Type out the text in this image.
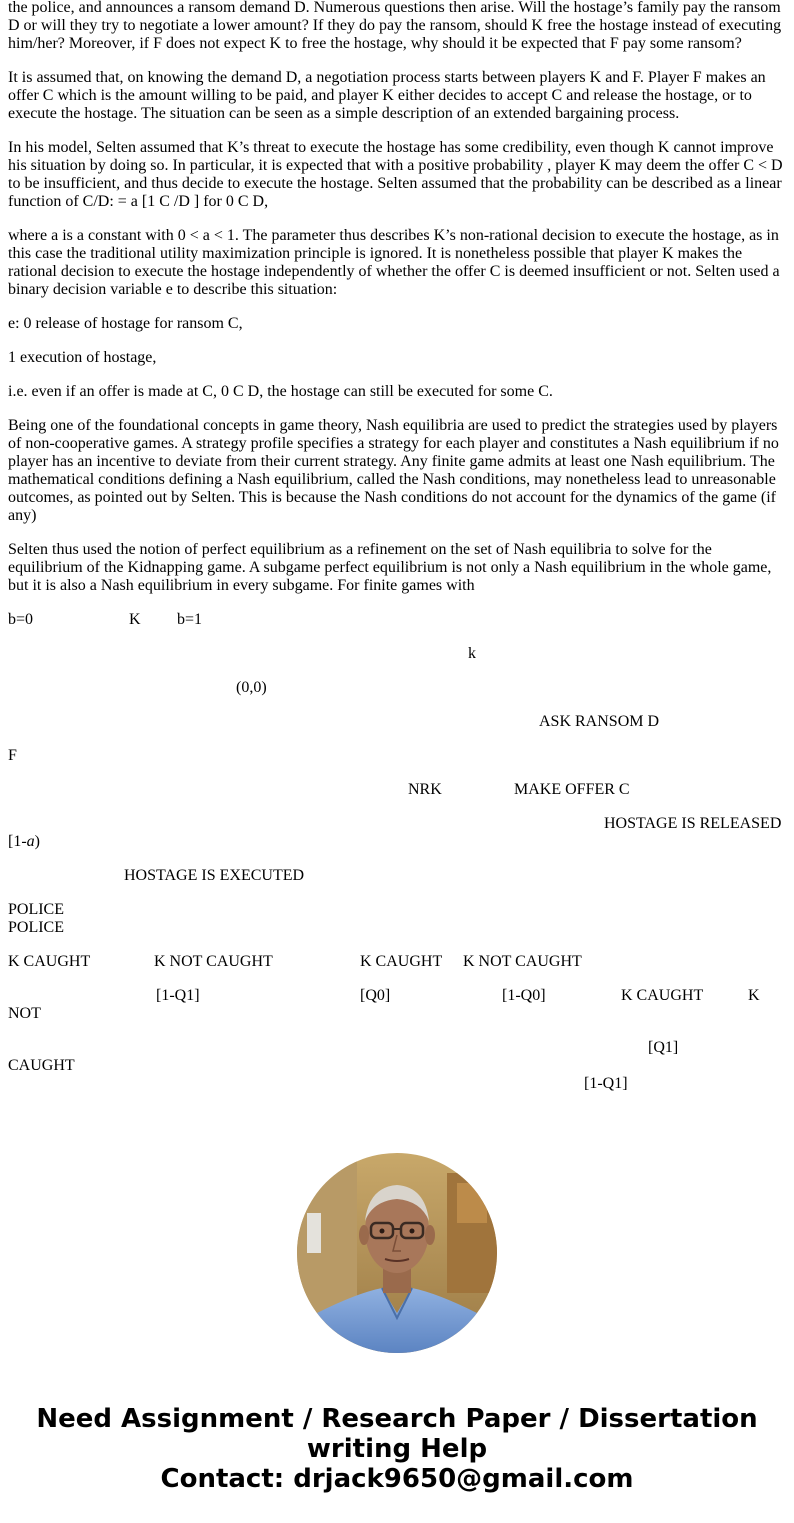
the police, and announces a ransom demand D. Numerous questions then arise. Will the hostage’s family pay the ransom D or will they try to negotiate a lower amount? If they do pay the ransom, should K free the hostage instead of executing him/her? Moreover, if F does not expect K to free the hostage, why should it be expected that F pay some ransom?

It is assumed that, on knowing the demand D, a negotiation process starts between players K and F. Player F makes an offer C which is the amount willing to be paid, and player K either decides to accept C and release the hostage, or to execute the hostage. The situation can be seen as a simple description of an extended bargaining process.

In his model, Selten assumed that K’s threat to execute the hostage has some credibility, even though K cannot improve his situation by doing so. In particular, it is expected that with a positive probability , player K may deem the offer C < D to be insufficient, and thus decide to execute the hostage. Selten assumed that the probability can be described as a linear function of C/D: = a [1 C /D ] for 0 C D,

where a is a constant with 0 < a < 1. The parameter thus describes K’s non-rational decision to execute the hostage, as in this case the traditional utility maximization principle is ignored. It is nonetheless possible that player K makes the rational decision to execute the hostage independently of whether the offer C is deemed insufficient or not. Selten used a binary decision variable e to describe this situation:

e: 0 release of hostage for ransom C,

1 execution of hostage,

i.e. even if an offer is made at C, 0 C D, the hostage can still be executed for some C.

Being one of the foundational concepts in game theory, Nash equilibria are used to predict the strategies used by players of non-cooperative games. A strategy profile specifies a strategy for each player and constitutes a Nash equilibrium if no player has an incentive to deviate from their current strategy. Any finite game admits at least one Nash equilibrium. The mathematical conditions defining a Nash equilibrium, called the Nash conditions, may nonetheless lead to unreasonable outcomes, as pointed out by Selten. This is because the Nash conditions do not account for the dynamics of the game (if any)

Selten thus used the notion of perfect equilibrium as a refinement on the set of Nash equilibria to solve for the equilibrium of the Kidnapping game. A subgame perfect equilibrium is not only a Nash equilibrium in the whole game, but it is also a Nash equilibrium in every subgame. For finite games with

b=0	K b=1
k
(0,0)
ASK RANSOM D
F
NRK	MAKE OFFER C
HOSTAGE IS RELEASED
[1-a)
HOSTAGE IS EXECUTED
POLICE
POLICE
K CAUGHT	K NOT CAUGHT	K CAUGHT K NOT CAUGHT
[1-Q1]	[Q0]	[1-Q0]	K CAUGHT	K
NOT
[Q1]
CAUGHT
[1-Q1]
Need Assignment / Research Paper / Dissertation
writing Help
Contact: drjack9650@gmail.com
